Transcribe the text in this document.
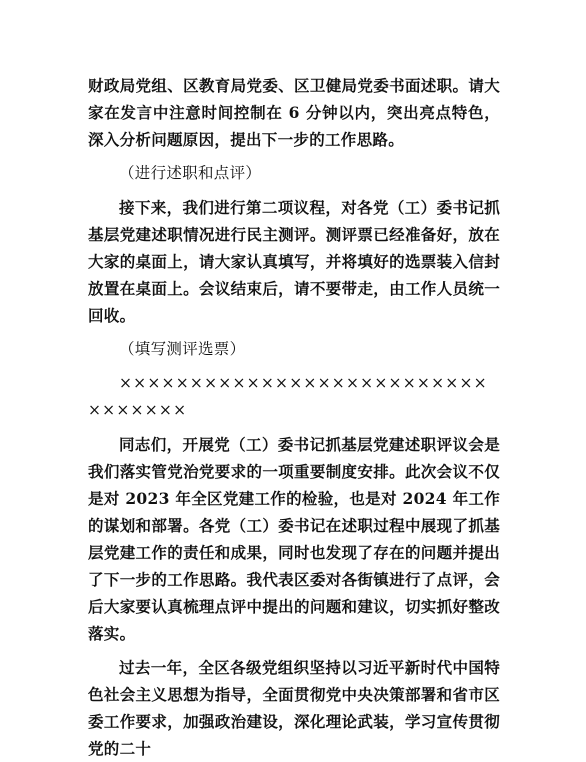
财政局党组、区教育局党委、区卫健局党委书面述职。请大家在发言中注意时间控制在 6 分钟以内，突出亮点特色，深入分析问题原因，提出下一步的工作思路。

（进行述职和点评）

接下来，我们进行第二项议程，对各党（工）委书记抓基层党建述职情况进行民主测评。测评票已经准备好，放在大家的桌面上，请大家认真填写，并将填好的选票装入信封放置在桌面上。会议结束后，请不要带走，由工作人员统一回收。

（填写测评选票）

×××××××××××××××××××××××××××××××××

同志们，开展党（工）委书记抓基层党建述职评议会是我们落实管党治党要求的一项重要制度安排。此次会议不仅是对 2023 年全区党建工作的检验，也是对 2024 年工作的谋划和部署。各党（工）委书记在述职过程中展现了抓基层党建工作的责任和成果，同时也发现了存在的问题并提出了下一步的工作思路。我代表区委对各街镇进行了点评，会后大家要认真梳理点评中提出的问题和建议，切实抓好整改落实。

过去一年，全区各级党组织坚持以习近平新时代中国特色社会主义思想为指导，全面贯彻党中央决策部署和省市区委工作要求，加强政治建设，深化理论武装，学习宣传贯彻党的二十
